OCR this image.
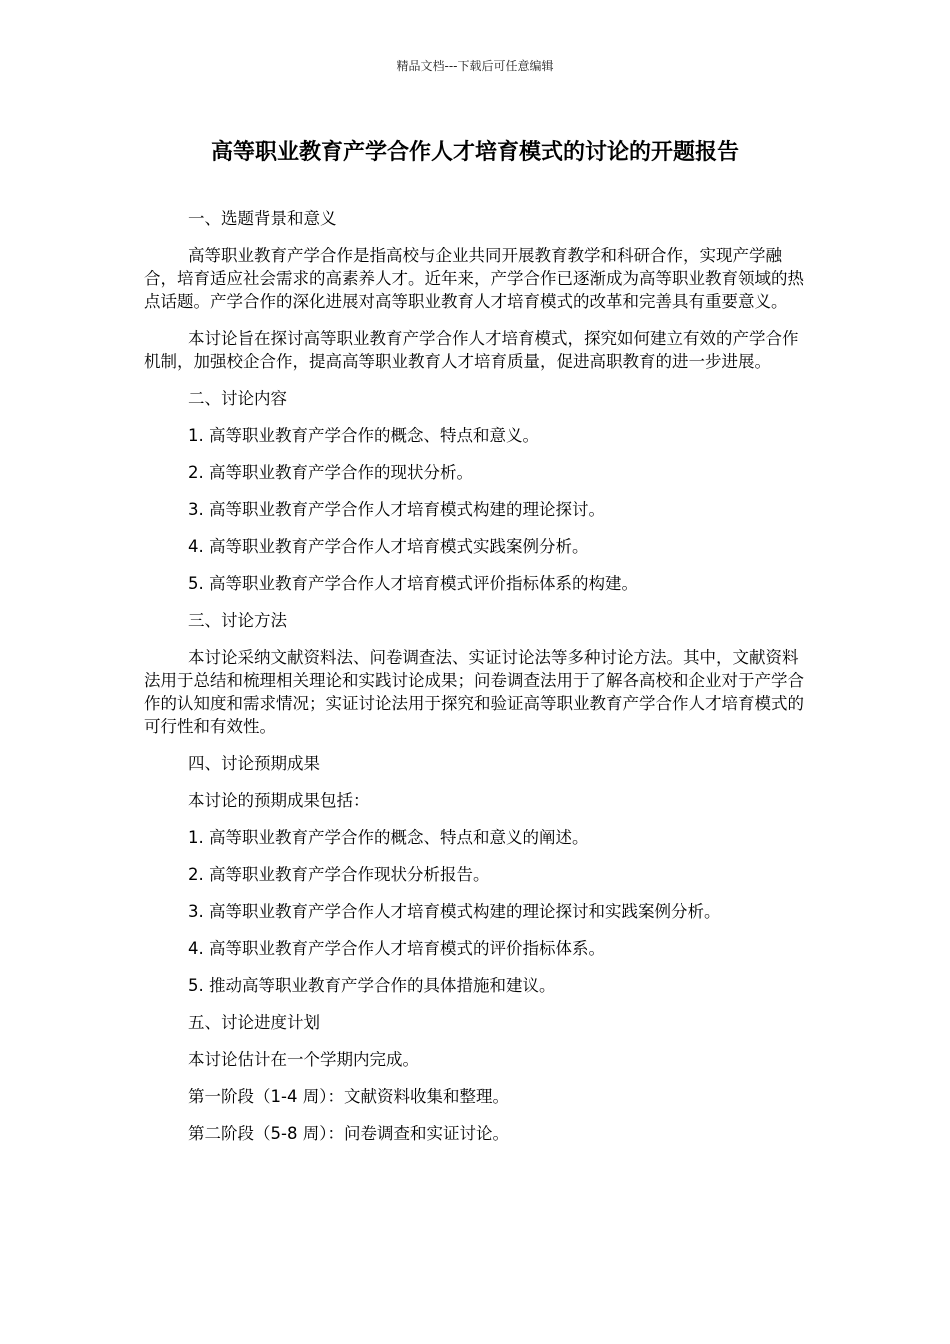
精品文档---下载后可任意编辑
高等职业教育产学合作人才培育模式的讨论的开题报告
一、选题背景和意义
高等职业教育产学合作是指高校与企业共同开展教育教学和科研合作，实现产学融合，培育适应社会需求的高素养人才。近年来，产学合作已逐渐成为高等职业教育领域的热点话题。产学合作的深化进展对高等职业教育人才培育模式的改革和完善具有重要意义。
本讨论旨在探讨高等职业教育产学合作人才培育模式，探究如何建立有效的产学合作机制，加强校企合作，提高高等职业教育人才培育质量，促进高职教育的进一步进展。
二、讨论内容
1. 高等职业教育产学合作的概念、特点和意义。
2. 高等职业教育产学合作的现状分析。
3. 高等职业教育产学合作人才培育模式构建的理论探讨。
4. 高等职业教育产学合作人才培育模式实践案例分析。
5. 高等职业教育产学合作人才培育模式评价指标体系的构建。
三、讨论方法
本讨论采纳文献资料法、问卷调查法、实证讨论法等多种讨论方法。其中，文献资料法用于总结和梳理相关理论和实践讨论成果；问卷调查法用于了解各高校和企业对于产学合作的认知度和需求情况；实证讨论法用于探究和验证高等职业教育产学合作人才培育模式的可行性和有效性。
四、讨论预期成果
本讨论的预期成果包括：
1. 高等职业教育产学合作的概念、特点和意义的阐述。
2. 高等职业教育产学合作现状分析报告。
3. 高等职业教育产学合作人才培育模式构建的理论探讨和实践案例分析。
4. 高等职业教育产学合作人才培育模式的评价指标体系。
5. 推动高等职业教育产学合作的具体措施和建议。
五、讨论进度计划
本讨论估计在一个学期内完成。
第一阶段（1-4 周）：文献资料收集和整理。
第二阶段（5-8 周）：问卷调查和实证讨论。
